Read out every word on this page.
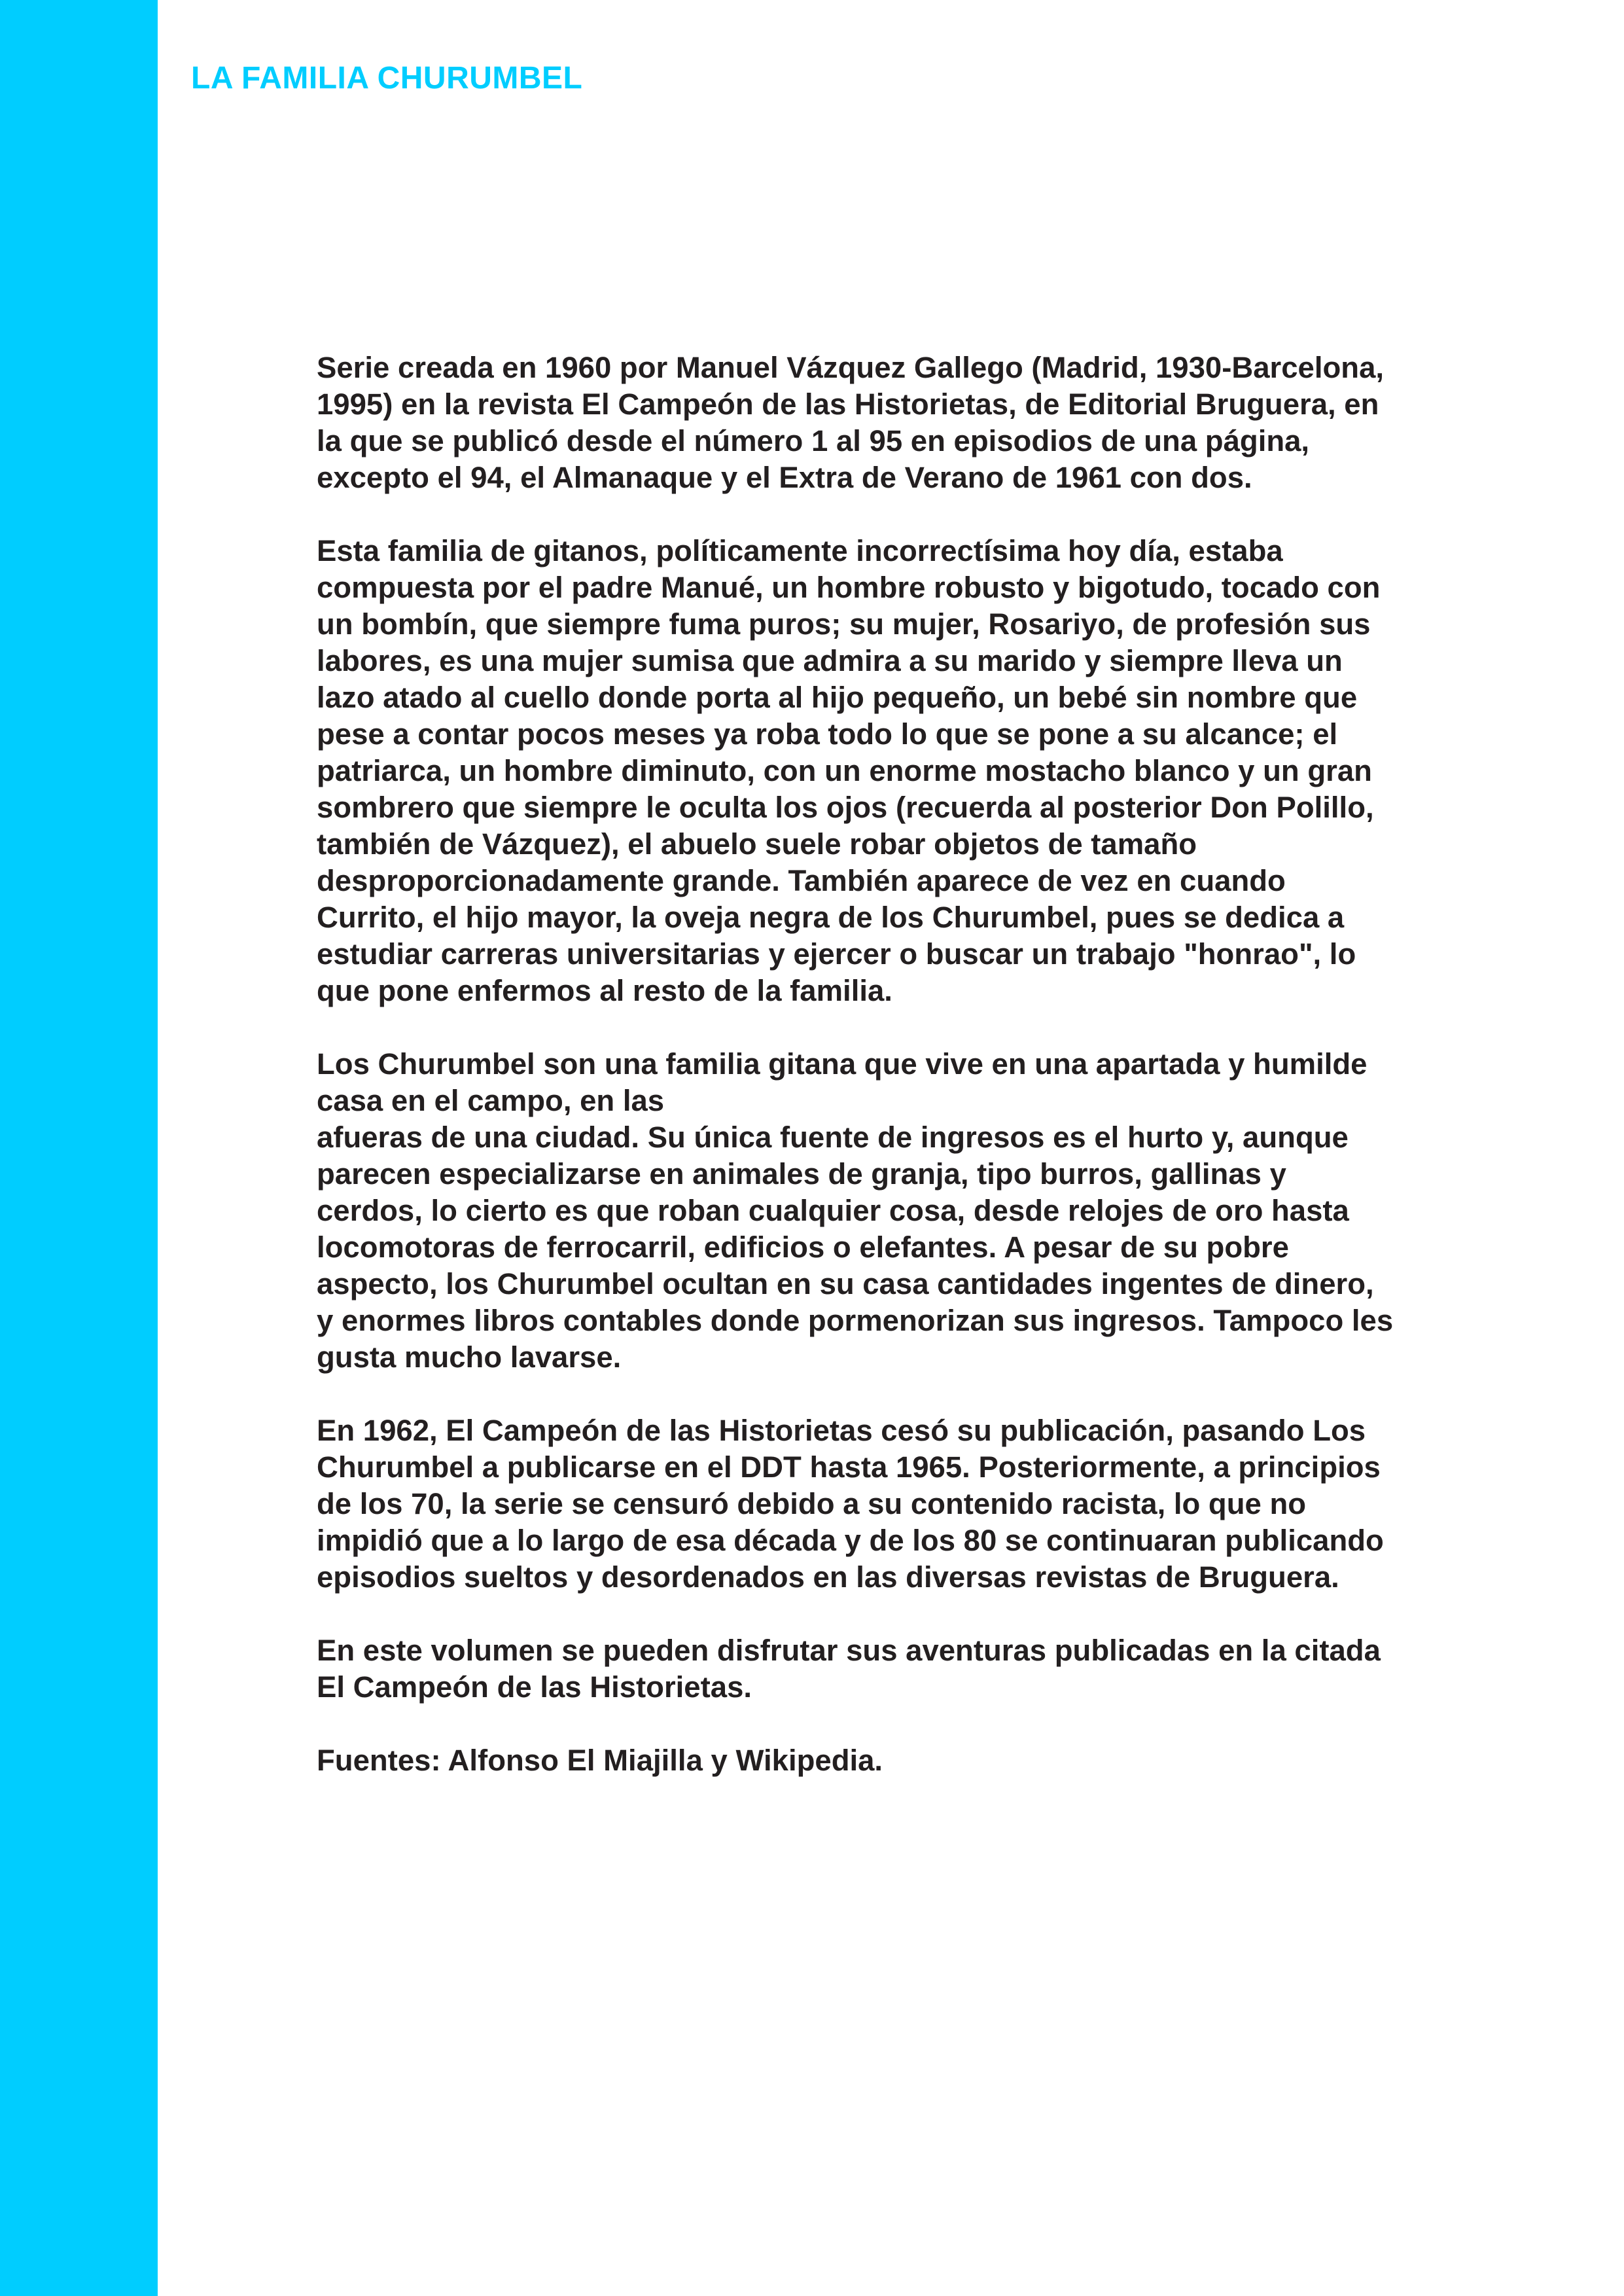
LA FAMILIA CHURUMBEL

Serie creada en 1960 por Manuel Vázquez Gallego (Madrid, 1930-Barcelona,
1995) en la revista El Campeón de las Historietas, de Editorial Bruguera, en
la que se publicó desde el número 1 al 95 en episodios de una página,
excepto el 94, el Almanaque y el Extra de Verano de 1961 con dos.

Esta familia de gitanos, políticamente incorrectísima hoy día, estaba
compuesta por el padre Manué, un hombre robusto y bigotudo, tocado con
un bombín, que siempre fuma puros; su mujer, Rosariyo, de profesión sus
labores, es una mujer sumisa que admira a su marido y siempre lleva un
lazo atado al cuello donde porta al hijo pequeño, un bebé sin nombre que
pese a contar pocos meses ya roba todo lo que se pone a su alcance; el
patriarca, un hombre diminuto, con un enorme mostacho blanco y un gran
sombrero que siempre le oculta los ojos (recuerda al posterior Don Polillo,
también de Vázquez), el abuelo suele robar objetos de tamaño
desproporcionadamente grande. También aparece de vez en cuando
Currito, el hijo mayor, la oveja negra de los Churumbel, pues se dedica a
estudiar carreras universitarias y ejercer o buscar un trabajo "honrao", lo
que pone enfermos al resto de la familia.

Los Churumbel son una familia gitana que vive en una apartada y humilde
casa en el campo, en las
afueras de una ciudad. Su única fuente de ingresos es el hurto y, aunque
parecen especializarse en animales de granja, tipo burros, gallinas y
cerdos, lo cierto es que roban cualquier cosa, desde relojes de oro hasta
locomotoras de ferrocarril, edificios o elefantes. A pesar de su pobre
aspecto, los Churumbel ocultan en su casa cantidades ingentes de dinero,
y enormes libros contables donde pormenorizan sus ingresos. Tampoco les
gusta mucho lavarse.

En 1962, El Campeón de las Historietas cesó su publicación, pasando Los
Churumbel a publicarse en el DDT hasta 1965. Posteriormente, a principios
de los 70, la serie se censuró debido a su contenido racista, lo que no
impidió que a lo largo de esa década y de los 80 se continuaran publicando
episodios sueltos y desordenados en las diversas revistas de Bruguera.

En este volumen se pueden disfrutar sus aventuras publicadas en la citada
El Campeón de las Historietas.

Fuentes: Alfonso El Miajilla y Wikipedia.
